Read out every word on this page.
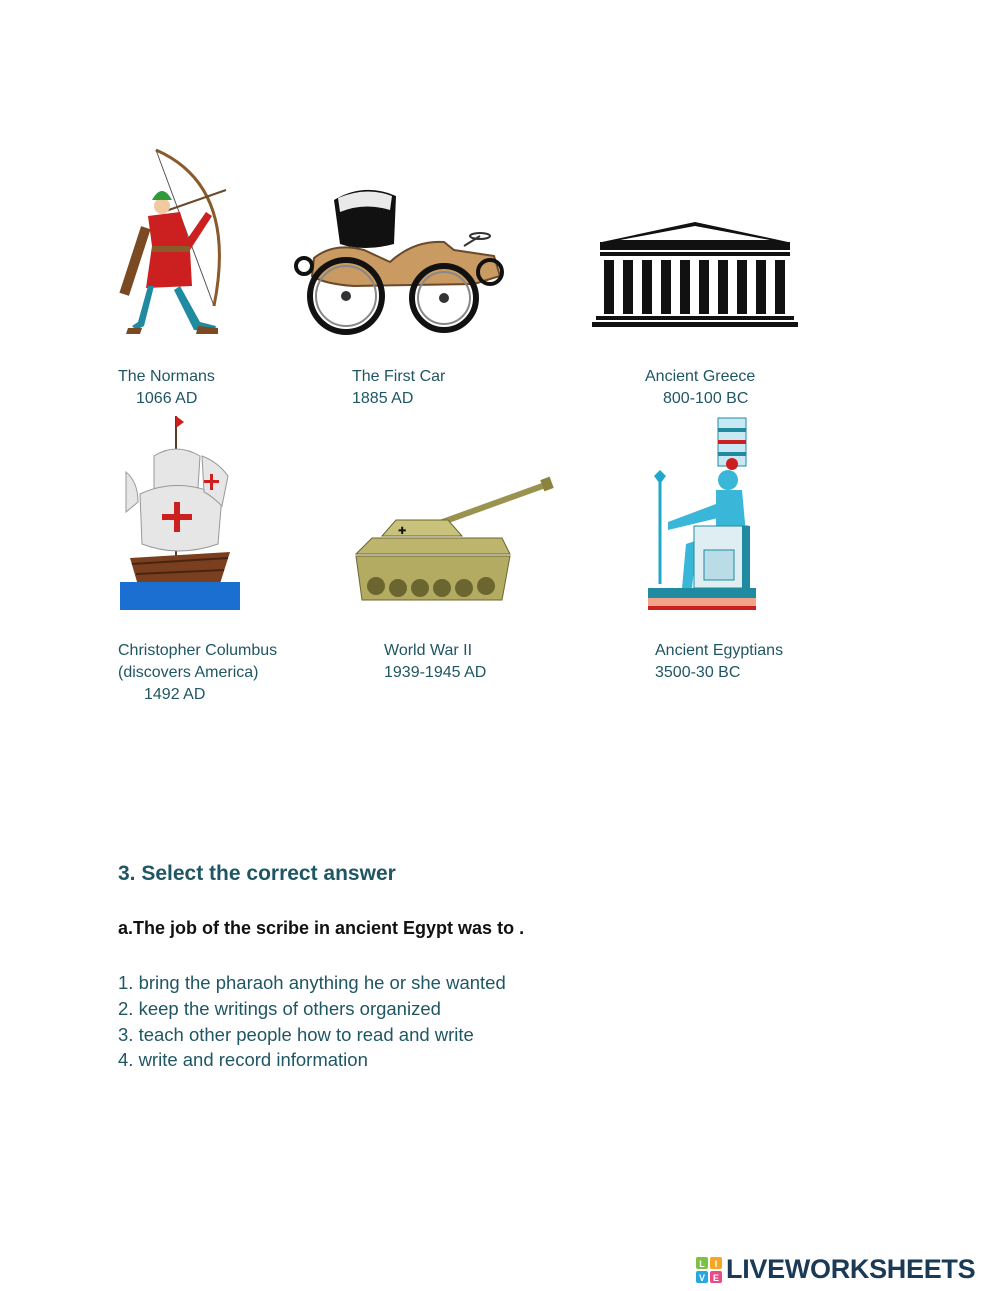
The Normans
1066 AD
The First Car
1885 AD
Ancient Greece
800-100 BC
✚
Christopher Columbus
(discovers America)
1492 AD
World War II
1939-1945 AD
Ancient Egyptians
3500-30 BC
3. Select the correct answer

a.The job of the scribe in ancient Egypt was to .

1. bring the pharaoh anything he or she wanted
2. keep the writings of others organized
3. teach other people how to read and write
4. write and record information
L I
V E LIVEWORKSHEETS
